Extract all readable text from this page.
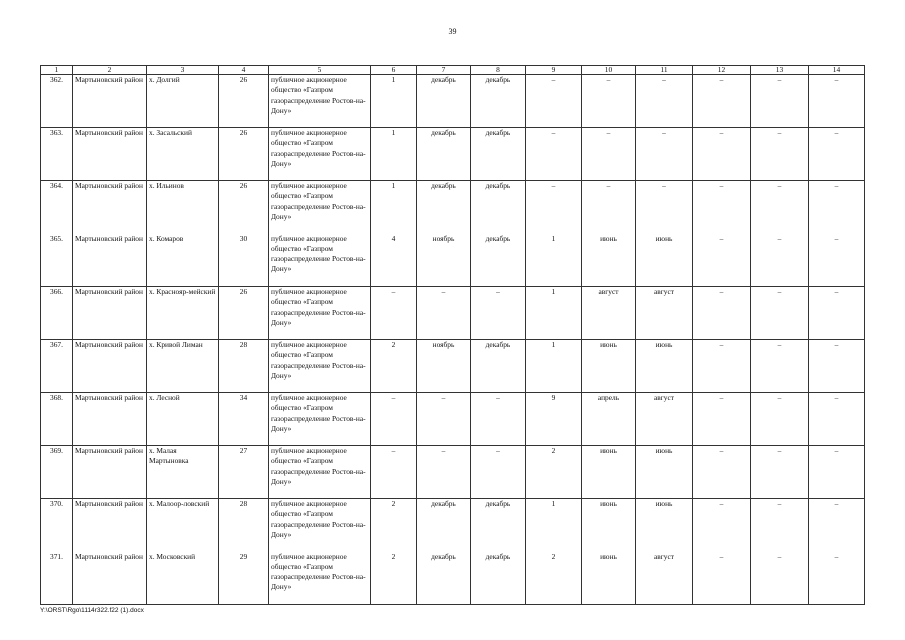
39
1	2	3	4	5	6	7	8	9	10	11	12	13	14
362.	Мартыновский район	х. Долгий	26	публичное акционерное общество «Газпром газораспределение Ростов-на-Дону»	1	декабрь	декабрь	–	–	–	–	–	–
363.	Мартыновский район	х. Засальский	26	публичное акционерное общество «Газпром газораспределение Ростов-на-Дону»	1	декабрь	декабрь	–	–	–	–	–	–
364.	Мартыновский район	х. Ильинов	26	публичное акционерное общество «Газпром газораспределение Ростов-на-Дону»	1	декабрь	декабрь	–	–	–	–	–	–
365.	Мартыновский район	х. Комаров	30	публичное акционерное общество «Газпром газораспределение Ростов-на-Дону»	4	ноябрь	декабрь	1	июнь	июнь	–	–	–
366.	Мартыновский район	х. Краснояр-мейский	26	публичное акционерное общество «Газпром газораспределение Ростов-на-Дону»	–	–	–	1	август	август	–	–	–
367.	Мартыновский район	х. Кривой Лиман	28	публичное акционерное общество «Газпром газораспределение Ростов-на-Дону»	2	ноябрь	декабрь	1	июнь	июнь	–	–	–
368.	Мартыновский район	х. Лесной	34	публичное акционерное общество «Газпром газораспределение Ростов-на-Дону»	–	–	–	9	апрель	август	–	–	–
369.	Мартыновский район	х. Малая Мартыновка	27	публичное акционерное общество «Газпром газораспределение Ростов-на-Дону»	–	–	–	2	июнь	июнь	–	–	–
370.	Мартыновский район	х. Малоор-ловский	28	публичное акционерное общество «Газпром газораспределение Ростов-на-Дону»	2	декабрь	декабрь	1	июнь	июнь	–	–	–
371.	Мартыновский район	х. Московский	29	публичное акционерное общество «Газпром газораспределение Ростов-на-Дону»	2	декабрь	декабрь	2	июнь	август	–	–	–
Y:\ORST\Rgo\1114r322.f22 (1).docx
